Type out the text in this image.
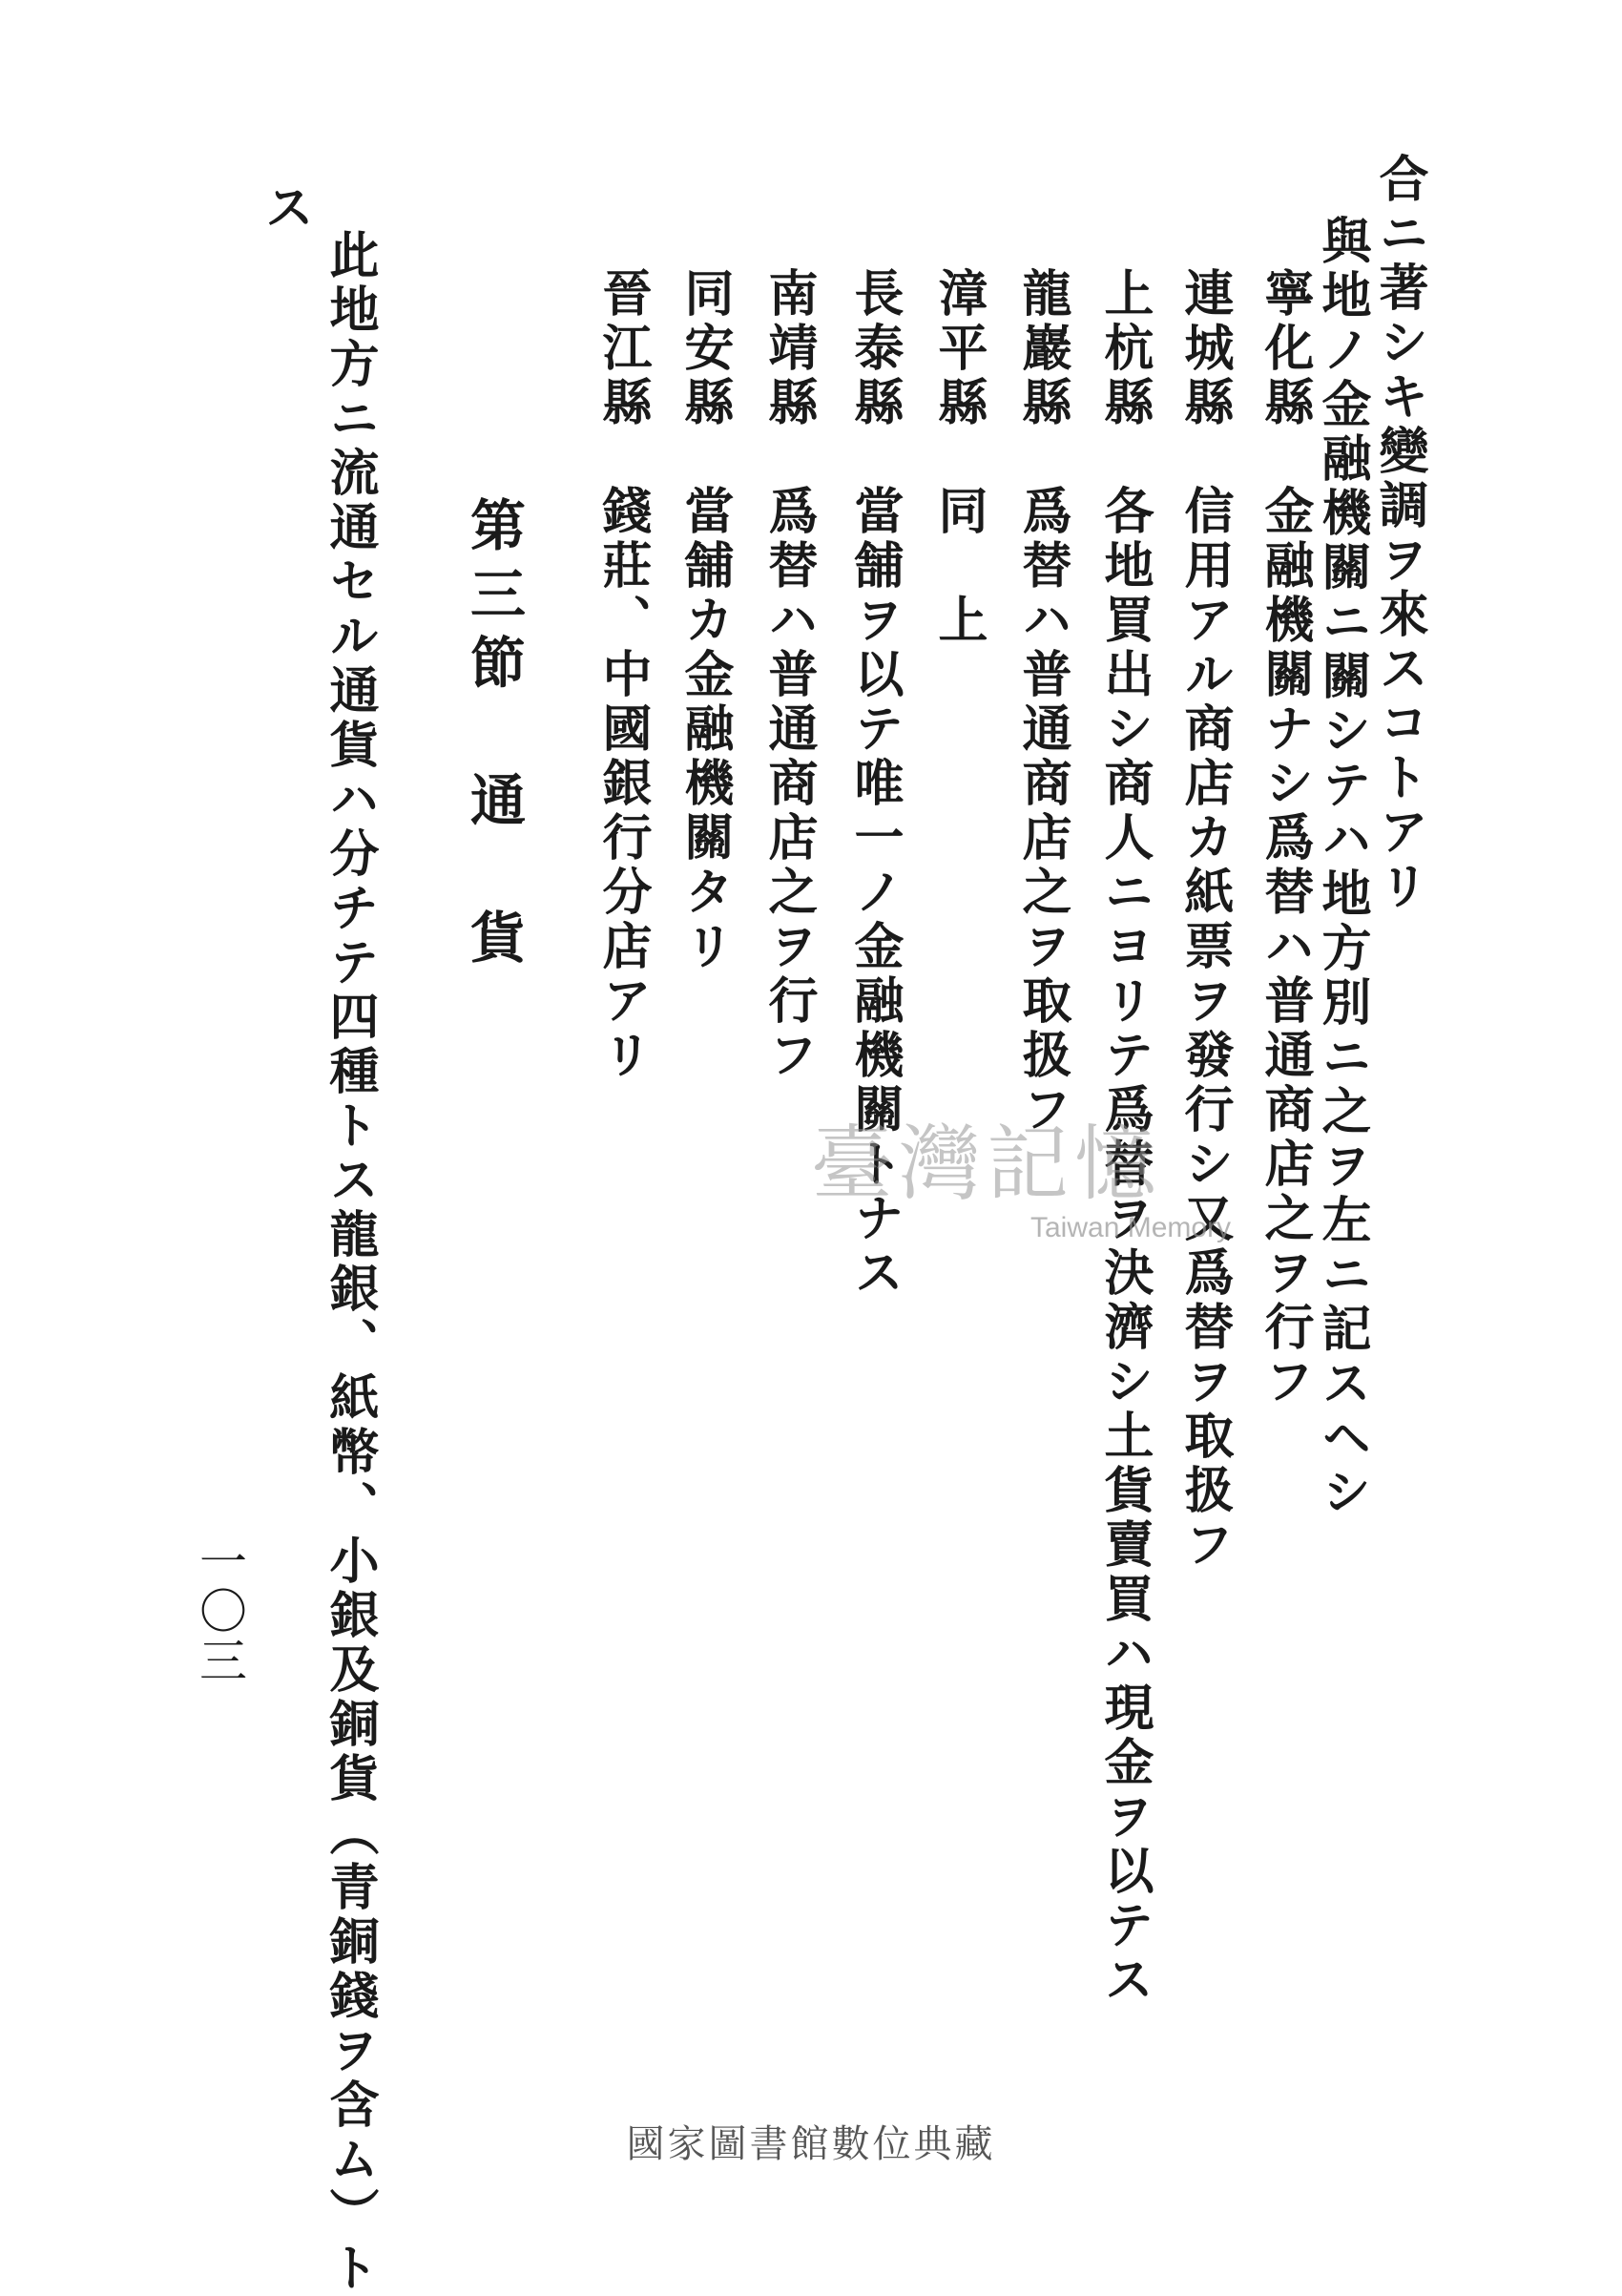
合ニ著シキ變調ヲ來スコトアリ
與地ノ金融機關ニ關シテハ地方別ニ之ヲ左ニ記スヘシ
寧化縣　金融機關ナシ爲替ハ普通商店之ヲ行フ
連城縣　信用アル商店カ紙票ヲ發行シ又爲替ヲ取扱フ
上杭縣　各地買出シ商人ニヨリテ爲替ヲ決濟シ土貨賣買ハ現金ヲ以テス
龍巖縣　爲替ハ普通商店之ヲ取扱フ
漳平縣　同　上
長泰縣　當舗ヲ以テ唯一ノ金融機關トナス
南靖縣　爲替ハ普通商店之ヲ行フ
同安縣　當舗カ金融機關タリ
晉江縣　錢莊、中國銀行分店アリ
第三節　通　貨
此地方ニ流通セル通貨ハ分チテ四種トス龍銀、紙幣、小銀及銅貨（青銅錢ヲ含ム）ト
ス
一〇三
臺灣記憶
Taiwan Memory
國家圖書館數位典藏
